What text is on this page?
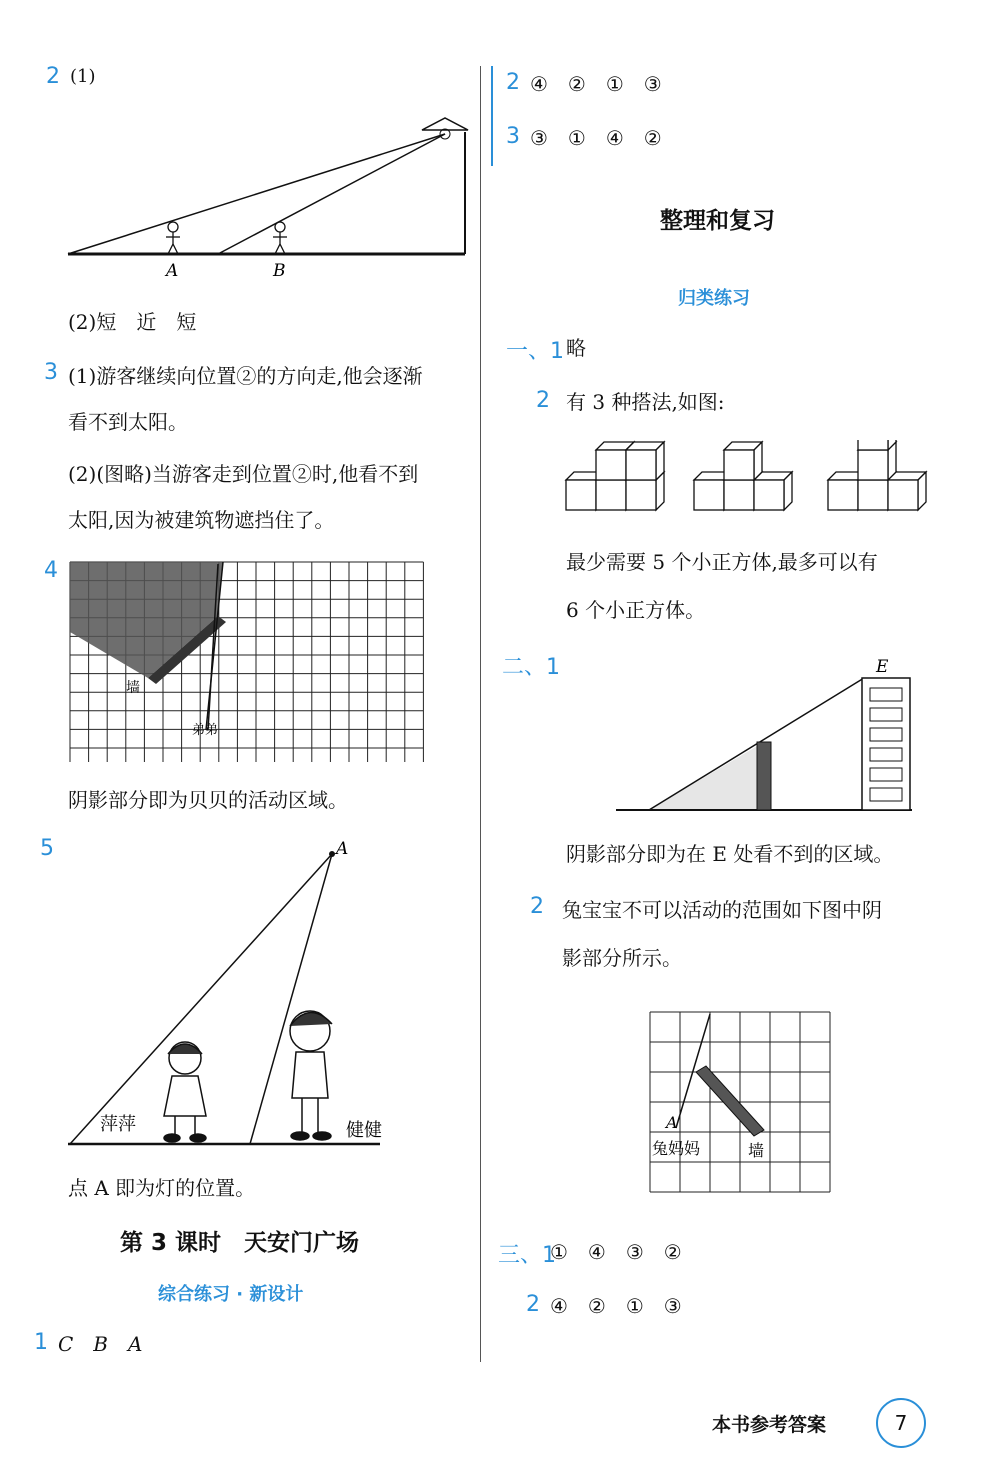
2 (1)
A	B
(2)短　近　短
3 (1)游客继续向位置②的方向走,他会逐渐
看不到太阳。
(2)(图略)当游客走到位置②时,他看不到
太阳,因为被建筑物遮挡住了。
4
墙
弟弟
阴影部分即为贝贝的活动区域。
5	A
萍萍	健健
点 A 即为灯的位置。
第 3 课时　天安门广场
综合练习 · 新设计
1 C　B　A
2 ④　②　①　③
3 ③　①　④　②
整理和复习
归类练习
一、1 略
2 有 3 种搭法,如图:
最少需要 5 个小正方体,最多可以有
6 个小正方体。
二、1	E
阴影部分即为在 E 处看不到的区域。
2 兔宝宝不可以活动的范围如下图中阴
影部分所示。
A
兔妈妈	墙
三、1
①　④　③　②
2 ④　②　①　③
本书参考答案	7
